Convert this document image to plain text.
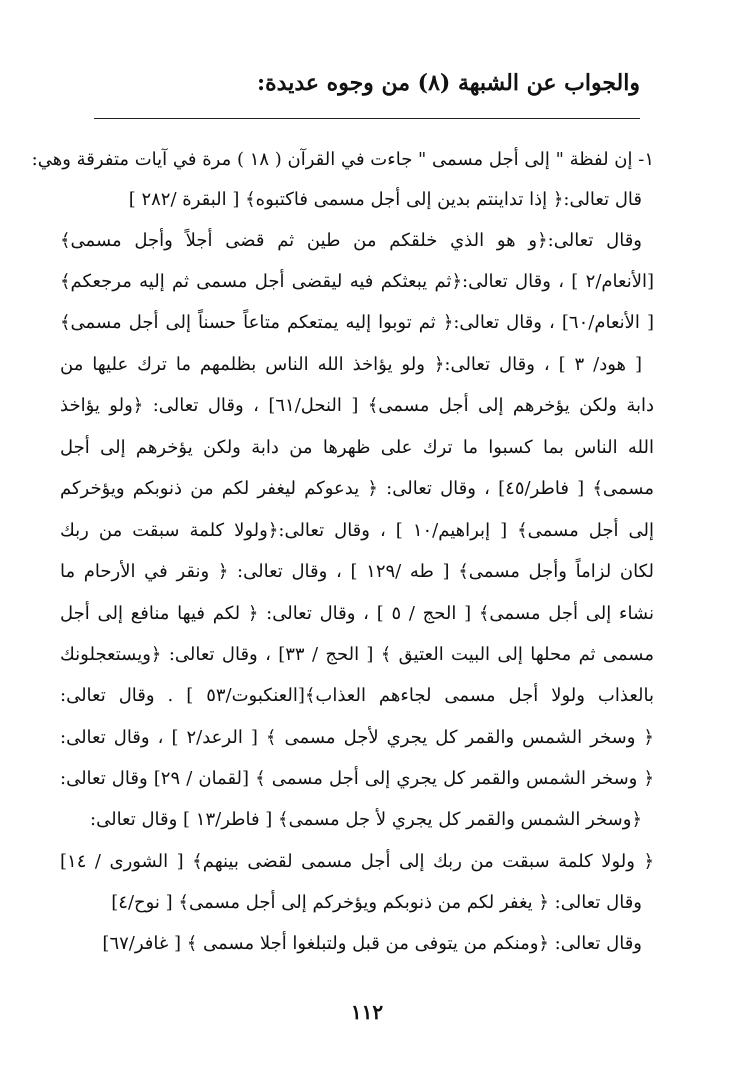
والجواب عن الشبهة (٨) من وجوه عديدة:
١- إن لفظة " إلى أجل مسمى " جاءت في القرآن ( ١٨ ) مرة في آيات متفرقة وهي:
قال تعالى:﴿ إذا تداينتم بدين إلى أجل مسمى فاكتبوه﴾ [ البقرة /٢٨٢ ]
وقال تعالى:﴿و هو الذي خلقكم من طين ثم قضى أجلاً وأجل مسمى﴾
[الأنعام/٢ ] ، وقال تعالى:﴿ثم يبعثكم فيه ليقضى أجل مسمى ثم إليه مرجعكم﴾
[ الأنعام/٦٠] ، وقال تعالى:﴿ ثم توبوا إليه يمتعكم متاعاً حسناً إلى أجل مسمى﴾
[ هود/ ٣ ] ، وقال تعالى:﴿ ولو يؤاخذ الله الناس بظلمهم ما ترك عليها من
دابة ولكن يؤخرهم إلى أجل مسمى﴾ [ النحل/٦١] ، وقال تعالى: ﴿ولو يؤاخذ
الله الناس بما كسبوا ما ترك على ظهرها من دابة ولكن يؤخرهم إلى أجل
مسمى﴾ [ فاطر/٤٥] ، وقال تعالى: ﴿ يدعوكم ليغفر لكم من ذنوبكم ويؤخركم
إلى أجل مسمى﴾ [ إبراهيم/١٠ ] ، وقال تعالى:﴿ولولا كلمة سبقت من ربك
لكان لزاماً وأجل مسمى﴾ [ طه /١٢٩ ] ، وقال تعالى: ﴿ ونقر في الأرحام ما
نشاء إلى أجل مسمى﴾ [ الحج / ٥ ] ، وقال تعالى: ﴿ لكم فيها منافع إلى أجل
مسمى ثم محلها إلى البيت العتيق ﴾ [ الحج / ٣٣] ، وقال تعالى: ﴿ويستعجلونك
بالعذاب ولولا أجل مسمى لجاءهم العذاب﴾[العنكبوت/٥٣ ] . وقال تعالى:
﴿ وسخر الشمس والقمر كل يجري لأجل مسمى ﴾ [ الرعد/٢ ] ، وقال تعالى:
﴿ وسخر الشمس والقمر كل يجري إلى أجل مسمى ﴾ [لقمان / ٢٩] وقال تعالى:
﴿وسخر الشمس والقمر كل يجري لأ جل مسمى﴾ [ فاطر/١٣ ] وقال تعالى:
﴿ ولولا كلمة سبقت من ربك إلى أجل مسمى لقضى بينهم﴾ [ الشورى / ١٤]
وقال تعالى: ﴿ يغفر لكم من ذنوبكم ويؤخركم إلى أجل مسمى﴾ [ نوح/٤]
وقال تعالى: ﴿ومنكم من يتوفى من قبل ولتبلغوا أجلا مسمى ﴾ [ غافر/٦٧]
١١٢
